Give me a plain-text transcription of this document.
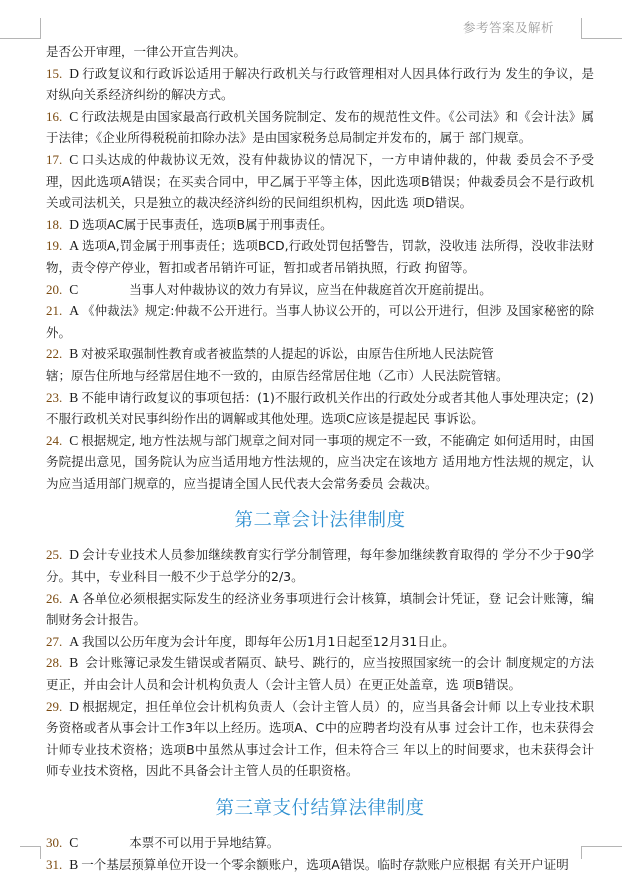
参考答案及解析

是否公开审理，一律公开宣告判决。

15. D 行政复议和行政诉讼适用于解决行政机关与行政管理相对人因具体行政行为 发生的争议，是对纵向关系经济纠纷的解决方式。

16. C 行政法规是由国家最高行政机关国务院制定、发布的规范性文件。《公司法》和《会计法》属于法律；《企业所得税税前扣除办法》是由国家税务总局制定并发布的，属于 部门规章。

17. C 口头达成的仲裁协议无效，没有仲裁协议的情况下，一方申请仲裁的，仲裁 委员会不予受理，因此选项A错误；在买卖合同中，甲乙属于平等主体，因此选项B错误；仲裁委员会不是行政机关或司法机关，只是独立的裁决经济纠纷的民间组织机构，因此选 项D错误。

18. D 选项AC属于民事责任，选项B属于刑事责任。

19. A 选项A,罚金属于刑事责任；选项BCD,行政处罚包括警告，罚款，没收违 法所得，没收非法财物，责令停产停业，暂扣或者吊销许可证，暂扣或者吊销执照，行政 拘留等。

20. C	当事人对仲裁协议的效力有异议，应当在仲裁庭首次开庭前提出。

21. A 《仲裁法》规定:仲裁不公开进行。当事人协议公开的，可以公开进行，但涉 及国家秘密的除外。

22. B 对被采取强制性教育或者被监禁的人提起的诉讼，由原告住所地人民法院管

辖；原告住所地与经常居住地不一致的，由原告经常居住地（乙市）人民法院管辖。

23. B 不能申请行政复议的事项包括：(1)不服行政机关作出的行政处分或者其他人事处理决定；(2)不服行政机关对民事纠纷作出的调解或其他处理。选项C应该是提起民 事诉讼。

24. C 根据规定, 地方性法规与部门规章之间对同一事项的规定不一致，不能确定 如何适用时，由国务院提出意见，国务院认为应当适用地方性法规的，应当决定在该地方 适用地方性法规的规定，认为应当适用部门规章的，应当提请全国人民代表大会常务委员 会裁决。

第二章会计法律制度

25. D 会计专业技术人员参加继续教育实行学分制管理，每年参加继续教育取得的 学分不少于90学分。其中，专业科目一般不少于总学分的2/3。

26. A 各单位必须根据实际发生的经济业务事项进行会计核算，填制会计凭证，登 记会计账簿，编制财务会计报告。

27. A 我国以公历年度为会计年度，即每年公历1月1日起至12月31日止。

28. B 会计账簿记录发生错误或者隔页、缺号、跳行的，应当按照国家统一的会计 制度规定的方法更正，并由会计人员和会计机构负责人（会计主管人员）在更正处盖章，选 项B错误。

29. D 根据规定，担任单位会计机构负责人（会计主管人员）的，应当具备会计师 以上专业技术职务资格或者从事会计工作3年以上经历。选项A、C中的应聘者均没有从事 过会计工作，也未获得会计师专业技术资格；选项B中虽然从事过会计工作，但未符合三 年以上的时间要求，也未获得会计师专业技术资格，因此不具备会计主管人员的任职资格。

第三章支付结算法律制度

30. C	本票不可以用于异地结算。

31. B 一个基层预算单位开设一个零余额账户，选项A错误。临时存款账户应根据 有关开户证明
